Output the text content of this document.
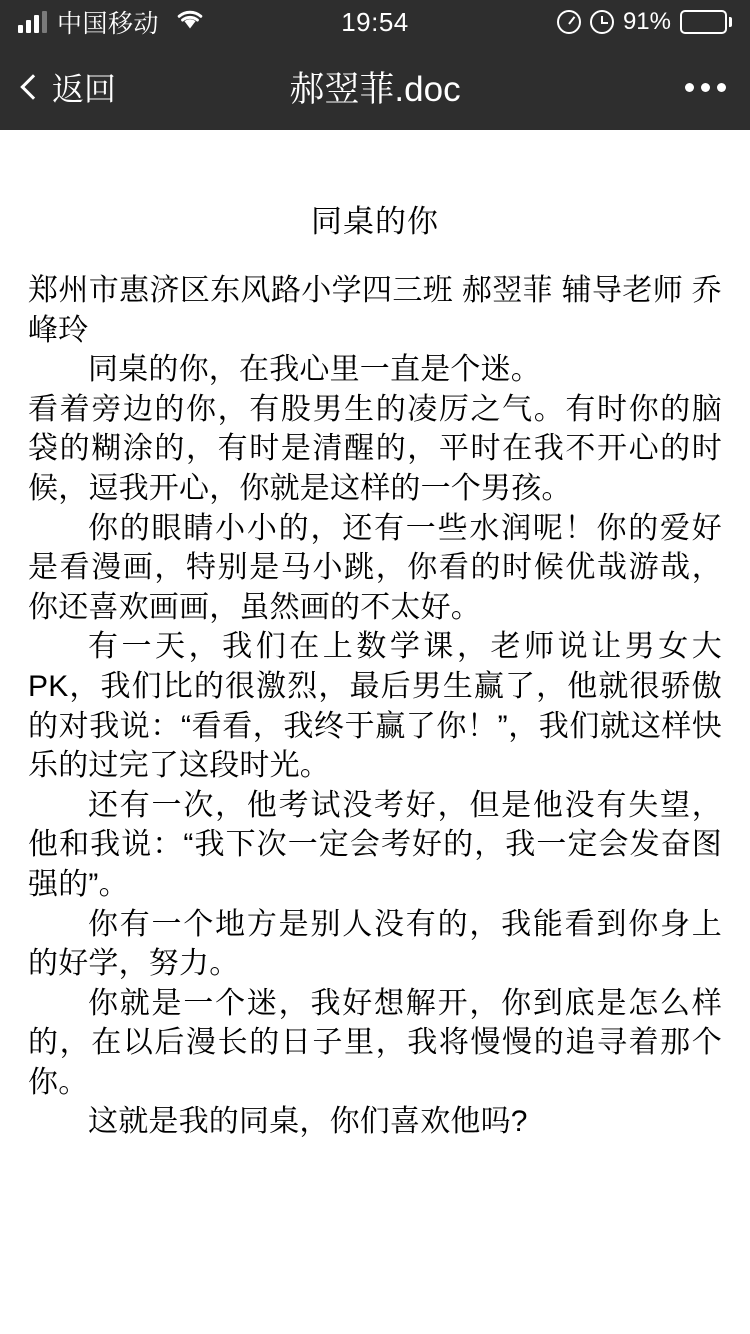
中国移动	19:54	91%
返回	郝翌菲.doc
同桌的你

郑州市惠济区东风路小学四三班 郝翌菲 辅导老师 乔峰玲

同桌的你，在我心里一直是个迷。

看着旁边的你，有股男生的凌厉之气。有时你的脑袋的糊涂的，有时是清醒的，平时在我不开心的时候，逗我开心，你就是这样的一个男孩。

你的眼睛小小的，还有一些水润呢！你的爱好是看漫画，特别是马小跳，你看的时候优哉游哉，你还喜欢画画，虽然画的不太好。

有一天，我们在上数学课，老师说让男女大PK，我们比的很激烈，最后男生赢了，他就很骄傲的对我说：“看看，我终于赢了你！”，我们就这样快乐的过完了这段时光。

还有一次，他考试没考好，但是他没有失望，他和我说：“我下次一定会考好的，我一定会发奋图强的”。

你有一个地方是别人没有的，我能看到你身上的好学，努力。

你就是一个迷，我好想解开，你到底是怎么样的，在以后漫长的日子里，我将慢慢的追寻着那个你。

这就是我的同桌，你们喜欢他吗?
